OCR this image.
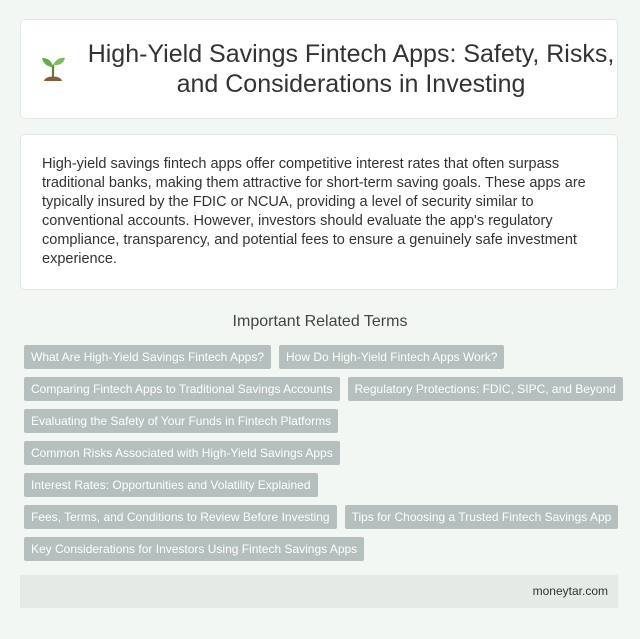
High-Yield Savings Fintech Apps: Safety, Risks, and Considerations in Investing

High-yield savings fintech apps offer competitive interest rates that often surpass traditional banks, making them attractive for short-term saving goals. These apps are typically insured by the FDIC or NCUA, providing a level of security similar to conventional accounts. However, investors should evaluate the app's regulatory compliance, transparency, and potential fees to ensure a genuinely safe investment experience.

Important Related Terms
What Are High-Yield Savings Fintech Apps?	How Do High-Yield Fintech Apps Work?
Comparing Fintech Apps to Traditional Savings Accounts	Regulatory Protections: FDIC, SIPC, and Beyond
Evaluating the Safety of Your Funds in Fintech Platforms
Common Risks Associated with High-Yield Savings Apps
Interest Rates: Opportunities and Volatility Explained
Fees, Terms, and Conditions to Review Before Investing	Tips for Choosing a Trusted Fintech Savings App
Key Considerations for Investors Using Fintech Savings Apps
moneytar.com
